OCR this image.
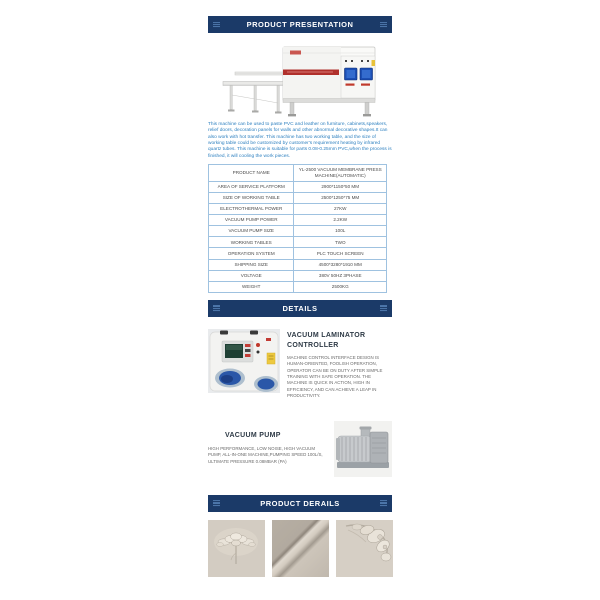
PRODUCT PRESENTATION

This machine can be used to paste PVC and leather on furniture, cabinets,speakers, relief doors, decoration panels for walls and other abnormal decorative shapes.It can also work with hot transfer. This machine has two working table, and the size of working table could be customized by customer's requirement heating by infrared quartz tubes. This machine is suitable for parts 0.08-0.25mm PVC,when the process is finished, it will cooling the work pieces.

PRODUCT NAME	YL-2500 VACUUM MEMBRANE PRESS MACHINE(AUTOMATIC)
AREA OF SERVICE PLATFORM	2900*1150*50 MM
SIZE OF WORKING TABLE	2500*1250*75 MM
ELECTROTHERMAL POWER	27KW
VACUUM PUMP POWER	2.2KW
VACUUM PUMP SIZE	100L
WORKING TABLES	TWO
OPERATION SYSTEM	PLC TOUCH SCREEN
SHIPPING SIZE	4500*3280*1910 MM
VOLTAGE	380V 50HZ 3PHASE
WEIGHT	2500KG
DETAILS
VACUUM LAMINATOR CONTROLLER

MACHINE CONTROL INTERFACE DESIGN IS HUMAN-ORIENTED, FOOLISH OPERATION, OPERATOR CAN BE ON DUTY AFTER SIMPLE TRAINING WITH SAFE OPERATION. THE MACHINE IS QUICK IN ACTION, HIGH IN EFFICIENCY, AND CAN ACHIEVE A LEAP IN PRODUCTIVITY.

VACUUM PUMP

HIGH PERFORMANCE, LOW NOISE, HIGH VACUUM PUMP, ALL-IN-ONE MACHINE,PUMPING SPEED 100L/S, ULTIMATE PRESSURE 0.08MBAR (PA)

PRODUCT DERAILS
